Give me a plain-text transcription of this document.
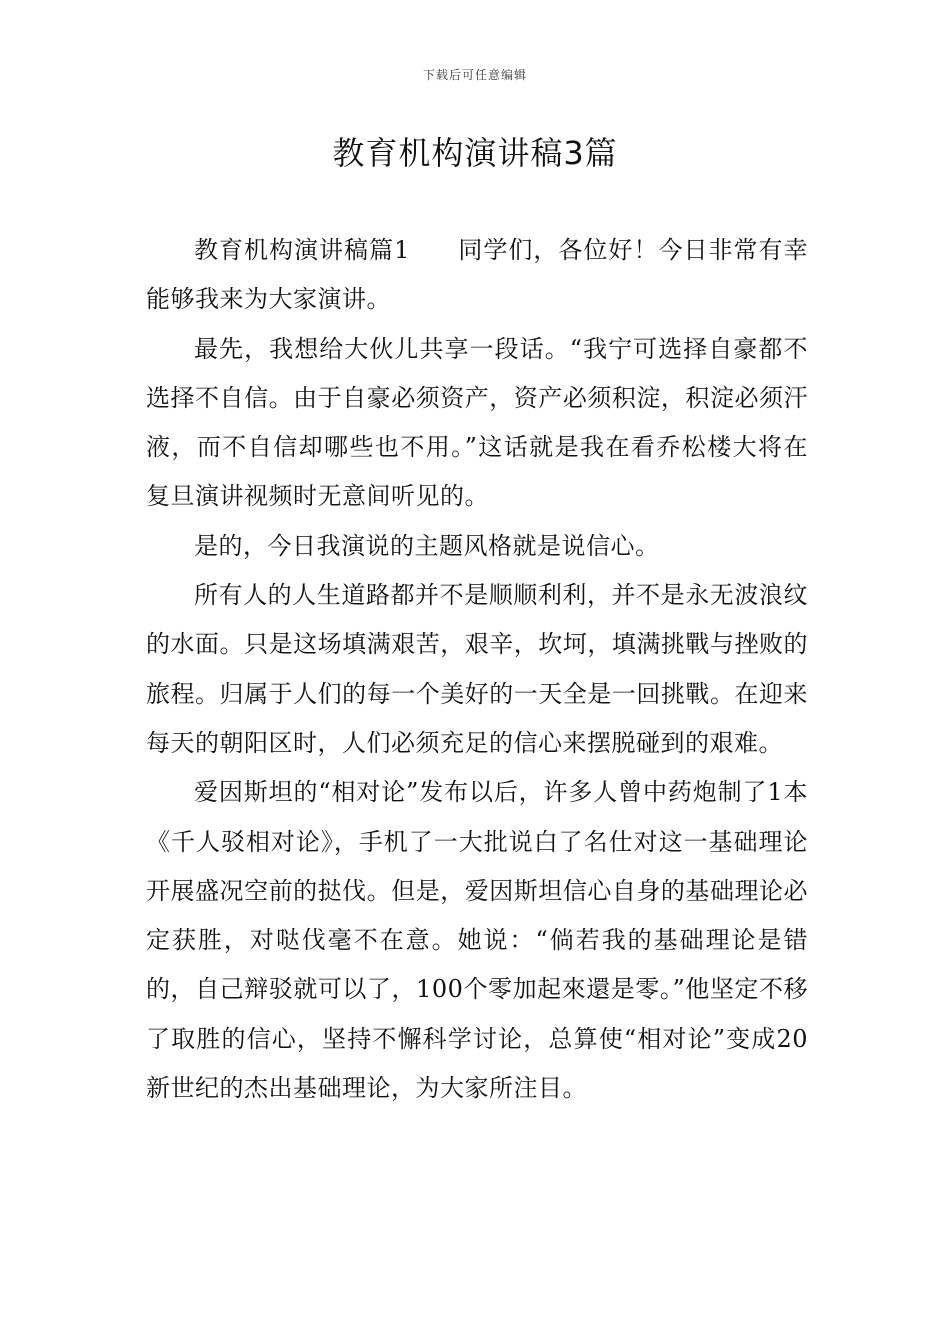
下载后可任意编辑
教育机构演讲稿3篇

教育机构演讲稿篇1 同学们，各位好！今日非常有幸能够我来为大家演讲。

最先，我想给大伙儿共享一段话。“我宁可选择自豪都不选择不自信。由于自豪必须资产，资产必须积淀，积淀必须汗液，而不自信却哪些也不用。”这话就是我在看乔松楼大将在复旦演讲视频时无意间听见的。

是的，今日我演说的主题风格就是说信心。

所有人的人生道路都并不是顺顺利利，并不是永无波浪纹的水面。只是这场填满艰苦，艰辛，坎坷，填满挑戰与挫败的旅程。归属于人们的每一个美好的一天全是一回挑戰。在迎来每天的朝阳区时，人们必须充足的信心来摆脱碰到的艰难。

爱因斯坦的“相对论”发布以后，许多人曾中药炮制了1本《千人驳相对论》，手机了一大批说白了名仕对这一基础理论开展盛况空前的挞伐。但是，爱因斯坦信心自身的基础理论必定获胜，对哒伐毫不在意。她说：“倘若我的基础理论是错的，自己辩驳就可以了，100个零加起來還是零。”他坚定不移了取胜的信心，坚持不懈科学讨论，总算使“相对论”变成20新世纪的杰出基础理论，为大家所注目。
